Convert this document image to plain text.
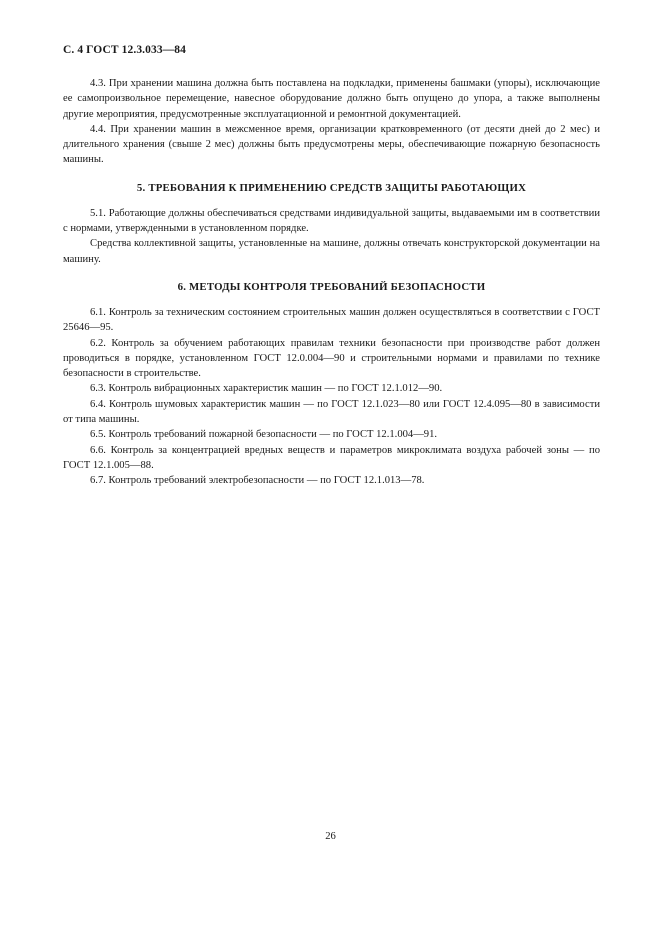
С. 4 ГОСТ 12.3.033—84

4.3. При хранении машина должна быть поставлена на подкладки, применены башмаки (упоры), исключающие ее самопроизвольное перемещение, навесное оборудование должно быть опущено до упора, а также выполнены другие мероприятия, предусмотренные эксплуатационной и ремонтной документацией.

4.4. При хранении машин в межсменное время, организации кратковременного (от десяти дней до 2 мес) и длительного хранения (свыше 2 мес) должны быть предусмотрены меры, обеспечивающие пожарную безопасность машины.

5. ТРЕБОВАНИЯ К ПРИМЕНЕНИЮ СРЕДСТВ ЗАЩИТЫ РАБОТАЮЩИХ

5.1. Работающие должны обеспечиваться средствами индивидуальной защиты, выдаваемыми им в соответствии с нормами, утвержденными в установленном порядке.

Средства коллективной защиты, установленные на машине, должны отвечать конструкторской документации на машину.

6. МЕТОДЫ КОНТРОЛЯ ТРЕБОВАНИЙ БЕЗОПАСНОСТИ

6.1. Контроль за техническим состоянием строительных машин должен осуществляться в соответствии с ГОСТ 25646—95.

6.2. Контроль за обучением работающих правилам техники безопасности при производстве работ должен проводиться в порядке, установленном ГОСТ 12.0.004—90 и строительными нормами и правилами по технике безопасности в строительстве.

6.3. Контроль вибрационных характеристик машин — по ГОСТ 12.1.012—90.

6.4. Контроль шумовых характеристик машин — по ГОСТ 12.1.023—80 или ГОСТ 12.4.095—80 в зависимости от типа машины.

6.5. Контроль требований пожарной безопасности — по ГОСТ 12.1.004—91.

6.6. Контроль за концентрацией вредных веществ и параметров микроклимата воздуха рабочей зоны — по ГОСТ 12.1.005—88.

6.7. Контроль требований электробезопасности — по ГОСТ 12.1.013—78.

26
